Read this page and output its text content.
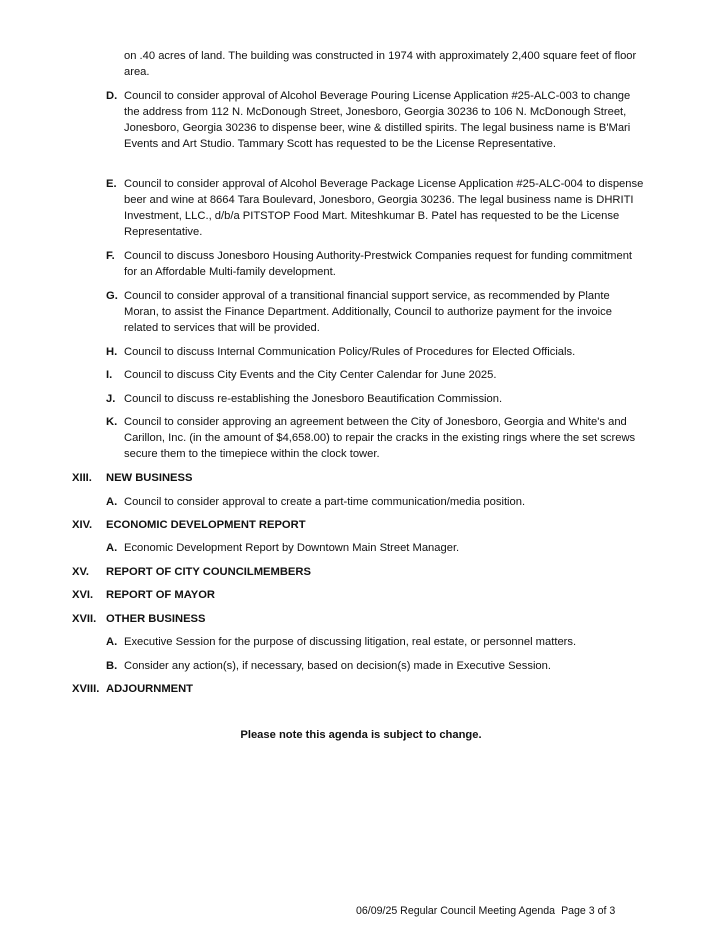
on .40 acres of land. The building was constructed in 1974 with approximately 2,400 square feet of floor area.

D. Council to consider approval of Alcohol Beverage Pouring License Application #25-ALC-003 to change the address from 112 N. McDonough Street, Jonesboro, Georgia 30236 to 106 N. McDonough Street, Jonesboro, Georgia 30236 to dispense beer, wine & distilled spirits. The legal business name is B'Mari Events and Art Studio. Tammary Scott has requested to be the License Representative.
E. Council to consider approval of Alcohol Beverage Package License Application #25-ALC-004 to dispense beer and wine at 8664 Tara Boulevard, Jonesboro, Georgia 30236. The legal business name is DHRITI Investment, LLC., d/b/a PITSTOP Food Mart. Miteshkumar B. Patel has requested to be the License Representative.
F. Council to discuss Jonesboro Housing Authority-Prestwick Companies request for funding commitment for an Affordable Multi-family development.
G. Council to consider approval of a transitional financial support service, as recommended by Plante Moran, to assist the Finance Department. Additionally, Council to authorize payment for the invoice related to services that will be provided.
H. Council to discuss Internal Communication Policy/Rules of Procedures for Elected Officials.
I. Council to discuss City Events and the City Center Calendar for June 2025.
J. Council to discuss re-establishing the Jonesboro Beautification Commission.
K. Council to consider approving an agreement between the City of Jonesboro, Georgia and White's and Carillon, Inc. (in the amount of $4,658.00) to repair the cracks in the existing rings where the set screws secure them to the timepiece within the clock tower.
XIII. NEW BUSINESS
A. Council to consider approval to create a part-time communication/media position.
XIV. ECONOMIC DEVELOPMENT REPORT
A. Economic Development Report by Downtown Main Street Manager.
XV. REPORT OF CITY COUNCILMEMBERS
XVI. REPORT OF MAYOR
XVII. OTHER BUSINESS
A. Executive Session for the purpose of discussing litigation, real estate, or personnel matters.
B. Consider any action(s), if necessary, based on decision(s) made in Executive Session.
XVIII. ADJOURNMENT
Please note this agenda is subject to change.
06/09/25 Regular Council Meeting Agenda Page 3 of 3
